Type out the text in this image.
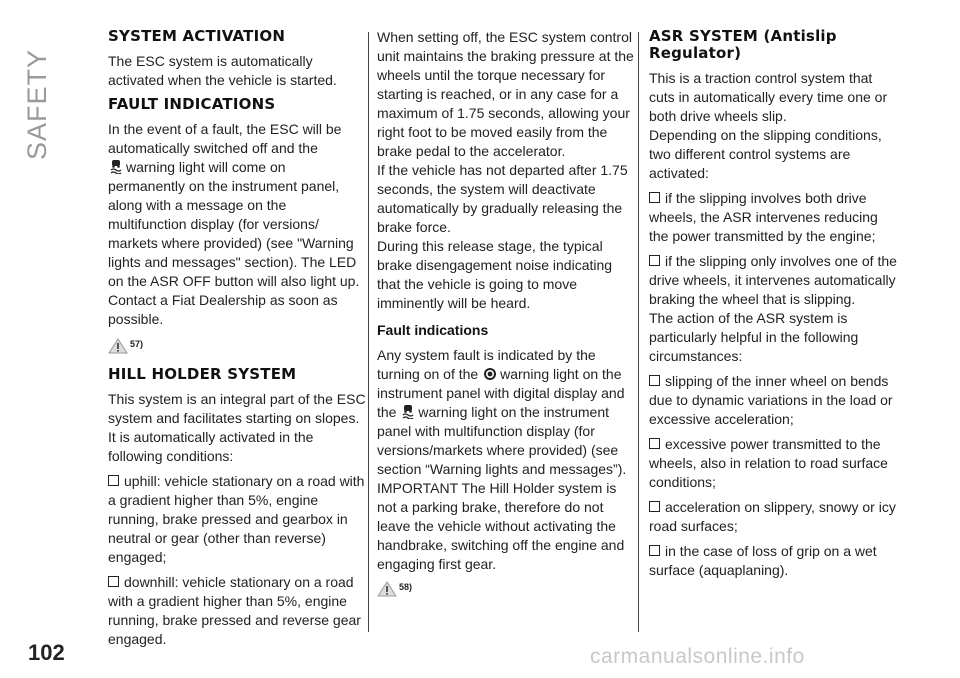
SAFETY
SYSTEM ACTIVATION

The ESC system is automatically activated when the vehicle is started.

FAULT INDICATIONS

In the event of a fault, the ESC will be automatically switched off and the
warning light will come on permanently on the instrument panel, along with a message on the multifunction display (for versions/ markets where provided) (see "Warning lights and messages" section). The LED on the ASR OFF button will also light up. Contact a Fiat Dealership as soon as possible.

57)
HILL HOLDER SYSTEM

This system is an integral part of the ESC system and facilitates starting on slopes. It is automatically activated in the following conditions:

uphill: vehicle stationary on a road with a gradient higher than 5%, engine running, brake pressed and gearbox in neutral or gear (other than reverse) engaged;

downhill: vehicle stationary on a road with a gradient higher than 5%, engine running, brake pressed and reverse gear engaged.

When setting off, the ESC system control unit maintains the braking pressure at the wheels until the torque necessary for starting is reached, or in any case for a maximum of 1.75 seconds, allowing your right foot to be moved easily from the brake pedal to the accelerator.

If the vehicle has not departed after 1.75 seconds, the system will deactivate automatically by gradually releasing the brake force.

During this release stage, the typical brake disengagement noise indicating that the vehicle is going to move imminently will be heard.

Fault indications

Any system fault is indicated by the turning on of the warning light on the instrument panel with digital display and the warning light on the instrument panel with multifunction display (for versions/markets where provided) (see section “Warning lights and messages”).

IMPORTANT The Hill Holder system is not a parking brake, therefore do not leave the vehicle without activating the handbrake, switching off the engine and engaging first gear.

58)
ASR SYSTEM (Antislip Regulator)

This is a traction control system that cuts in automatically every time one or both drive wheels slip.

Depending on the slipping conditions, two different control systems are activated:

if the slipping involves both drive wheels, the ASR intervenes reducing the power transmitted by the engine;

if the slipping only involves one of the drive wheels, it intervenes automatically braking the wheel that is slipping.

The action of the ASR system is particularly helpful in the following circumstances:

slipping of the inner wheel on bends due to dynamic variations in the load or excessive acceleration;

excessive power transmitted to the wheels, also in relation to road surface conditions;

acceleration on slippery, snowy or icy road surfaces;

in the case of loss of grip on a wet surface (aquaplaning).

102	carmanualsonline.info
